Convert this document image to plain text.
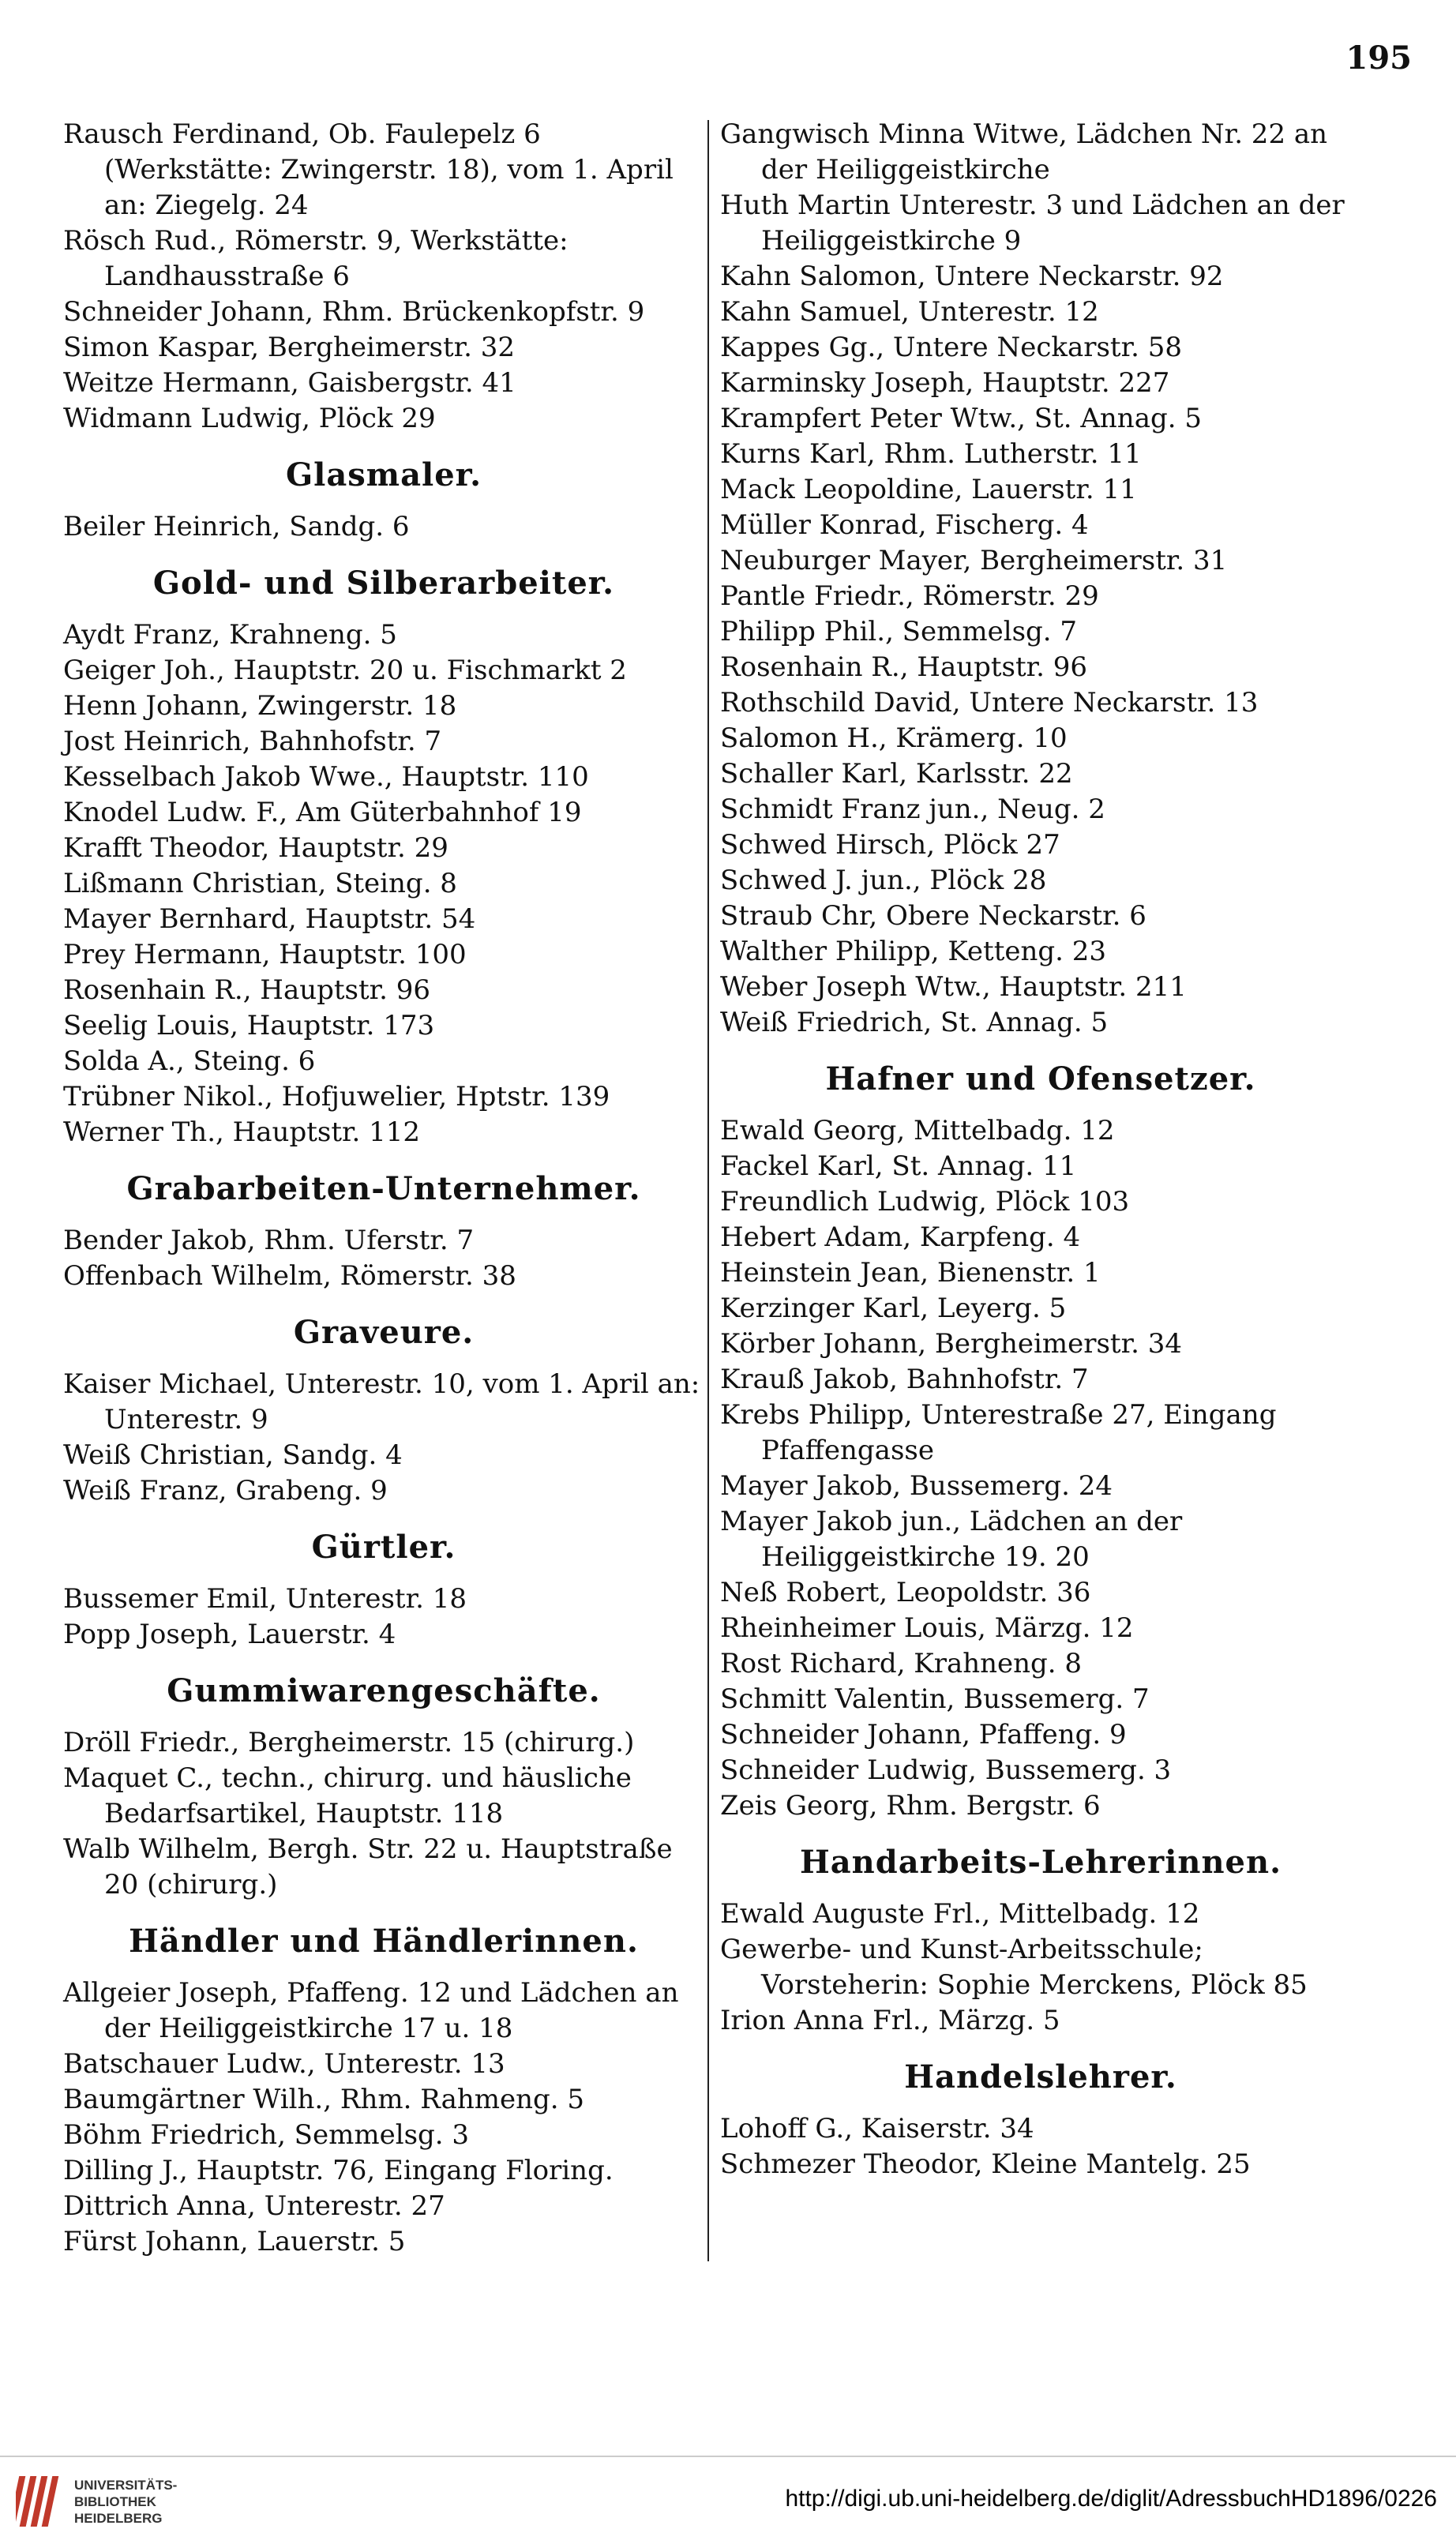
195
Rausch Ferdinand, Ob. Faulepelz 6 (Werkstätte: Zwingerstr. 18), vom 1. April an: Ziegelg. 24
Rösch Rud., Römerstr. 9, Werkstätte: Landhausstraße 6
Schneider Johann, Rhm. Brückenkopfstr. 9
Simon Kaspar, Bergheimerstr. 32
Weitze Hermann, Gaisbergstr. 41
Widmann Ludwig, Plöck 29
Glasmaler.
Beiler Heinrich, Sandg. 6
Gold- und Silberarbeiter.
Aydt Franz, Krahneng. 5
Geiger Joh., Hauptstr. 20 u. Fischmarkt 2
Henn Johann, Zwingerstr. 18
Jost Heinrich, Bahnhofstr. 7
Kesselbach Jakob Wwe., Hauptstr. 110
Knodel Ludw. F., Am Güterbahnhof 19
Krafft Theodor, Hauptstr. 29
Lißmann Christian, Steing. 8
Mayer Bernhard, Hauptstr. 54
Prey Hermann, Hauptstr. 100
Rosenhain R., Hauptstr. 96
Seelig Louis, Hauptstr. 173
Solda A., Steing. 6
Trübner Nikol., Hofjuwelier, Hptstr. 139
Werner Th., Hauptstr. 112
Grabarbeiten-Unternehmer.
Bender Jakob, Rhm. Uferstr. 7
Offenbach Wilhelm, Römerstr. 38
Graveure.
Kaiser Michael, Unterestr. 10, vom 1. April an: Unterestr. 9
Weiß Christian, Sandg. 4
Weiß Franz, Grabeng. 9
Gürtler.
Bussemer Emil, Unterestr. 18
Popp Joseph, Lauerstr. 4
Gummiwarengeschäfte.
Dröll Friedr., Bergheimerstr. 15 (chirurg.)
Maquet C., techn., chirurg. und häusliche Bedarfsartikel, Hauptstr. 118
Walb Wilhelm, Bergh. Str. 22 u. Hauptstraße 20 (chirurg.)
Händler und Händlerinnen.
Allgeier Joseph, Pfaffeng. 12 und Lädchen an der Heiliggeistkirche 17 u. 18
Batschauer Ludw., Unterestr. 13
Baumgärtner Wilh., Rhm. Rahmeng. 5
Böhm Friedrich, Semmelsg. 3
Dilling J., Hauptstr. 76, Eingang Floring.
Dittrich Anna, Unterestr. 27
Fürst Johann, Lauerstr. 5
Gangwisch Minna Witwe, Lädchen Nr. 22 an der Heiliggeistkirche
Huth Martin Unterestr. 3 und Lädchen an der Heiliggeistkirche 9
Kahn Salomon, Untere Neckarstr. 92
Kahn Samuel, Unterestr. 12
Kappes Gg., Untere Neckarstr. 58
Karminsky Joseph, Hauptstr. 227
Krampfert Peter Wtw., St. Annag. 5
Kurns Karl, Rhm. Lutherstr. 11
Mack Leopoldine, Lauerstr. 11
Müller Konrad, Fischerg. 4
Neuburger Mayer, Bergheimerstr. 31
Pantle Friedr., Römerstr. 29
Philipp Phil., Semmelsg. 7
Rosenhain R., Hauptstr. 96
Rothschild David, Untere Neckarstr. 13
Salomon H., Krämerg. 10
Schaller Karl, Karlsstr. 22
Schmidt Franz jun., Neug. 2
Schwed Hirsch, Plöck 27
Schwed J. jun., Plöck 28
Straub Chr, Obere Neckarstr. 6
Walther Philipp, Ketteng. 23
Weber Joseph Wtw., Hauptstr. 211
Weiß Friedrich, St. Annag. 5
Hafner und Ofensetzer.
Ewald Georg, Mittelbadg. 12
Fackel Karl, St. Annag. 11
Freundlich Ludwig, Plöck 103
Hebert Adam, Karpfeng. 4
Heinstein Jean, Bienenstr. 1
Kerzinger Karl, Leyerg. 5
Körber Johann, Bergheimerstr. 34
Krauß Jakob, Bahnhofstr. 7
Krebs Philipp, Unterestraße 27, Eingang Pfaffengasse
Mayer Jakob, Bussemerg. 24
Mayer Jakob jun., Lädchen an der Heiliggeistkirche 19. 20
Neß Robert, Leopoldstr. 36
Rheinheimer Louis, Märzg. 12
Rost Richard, Krahneng. 8
Schmitt Valentin, Bussemerg. 7
Schneider Johann, Pfaffeng. 9
Schneider Ludwig, Bussemerg. 3
Zeis Georg, Rhm. Bergstr. 6
Handarbeits-Lehrerinnen.
Ewald Auguste Frl., Mittelbadg. 12
Gewerbe- und Kunst-Arbeitsschule; Vorsteherin: Sophie Merckens, Plöck 85
Irion Anna Frl., Märzg. 5
Handelslehrer.
Lohoff G., Kaiserstr. 34
Schmezer Theodor, Kleine Mantelg. 25
UNIVERSITÄTS-
BIBLIOTHEK
HEIDELBERG
http://digi.ub.uni-heidelberg.de/diglit/AdressbuchHD1896/0226
